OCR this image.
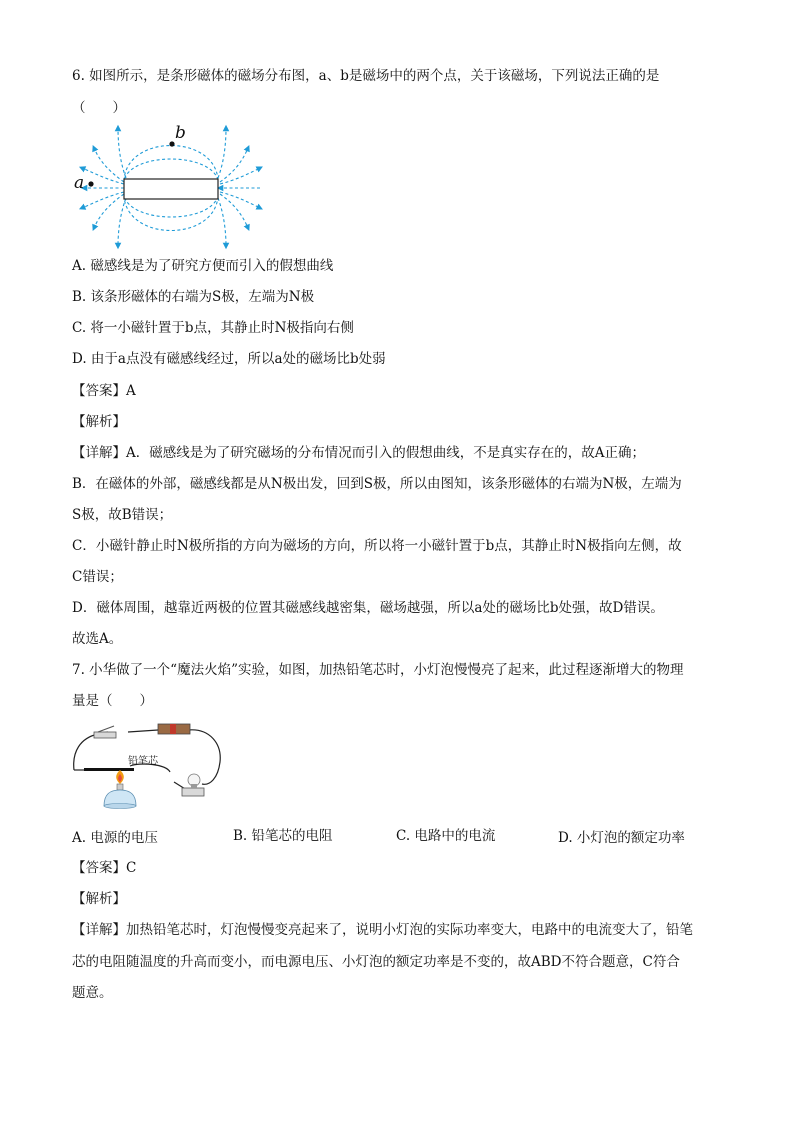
6. 如图所示，是条形磁体的磁场分布图，a、b是磁场中的两个点，关于该磁场，下列说法正确的是
（　　）
a
b
A. 磁感线是为了研究方便而引入的假想曲线
B. 该条形磁体的右端为S极，左端为N极
C. 将一小磁针置于b点，其静止时N极指向右侧
D. 由于a点没有磁感线经过，所以a处的磁场比b处弱
【答案】A
【解析】
【详解】A．磁感线是为了研究磁场的分布情况而引入的假想曲线，不是真实存在的，故A正确；
B．在磁体的外部，磁感线都是从N极出发，回到S极，所以由图知，该条形磁体的右端为N极，左端为
S极，故B错误；
C．小磁针静止时N极所指的方向为磁场的方向，所以将一小磁针置于b点，其静止时N极指向左侧，故
C错误；
D．磁体周围，越靠近两极的位置其磁感线越密集，磁场越强，所以a处的磁场比b处强，故D错误。
故选A。
7. 小华做了一个“魔法火焰”实验，如图，加热铅笔芯时，小灯泡慢慢亮了起来，此过程逐渐增大的物理
量是（　　）
铅笔芯
A. 电源的电压	B. 铅笔芯的电阻	C. 电路中的电流	D. 小灯泡的额定功率
【答案】C
【解析】
【详解】加热铅笔芯时，灯泡慢慢变亮起来了，说明小灯泡的实际功率变大，电路中的电流变大了，铅笔
芯的电阻随温度的升高而变小，而电源电压、小灯泡的额定功率是不变的，故ABD不符合题意，C符合
题意。
